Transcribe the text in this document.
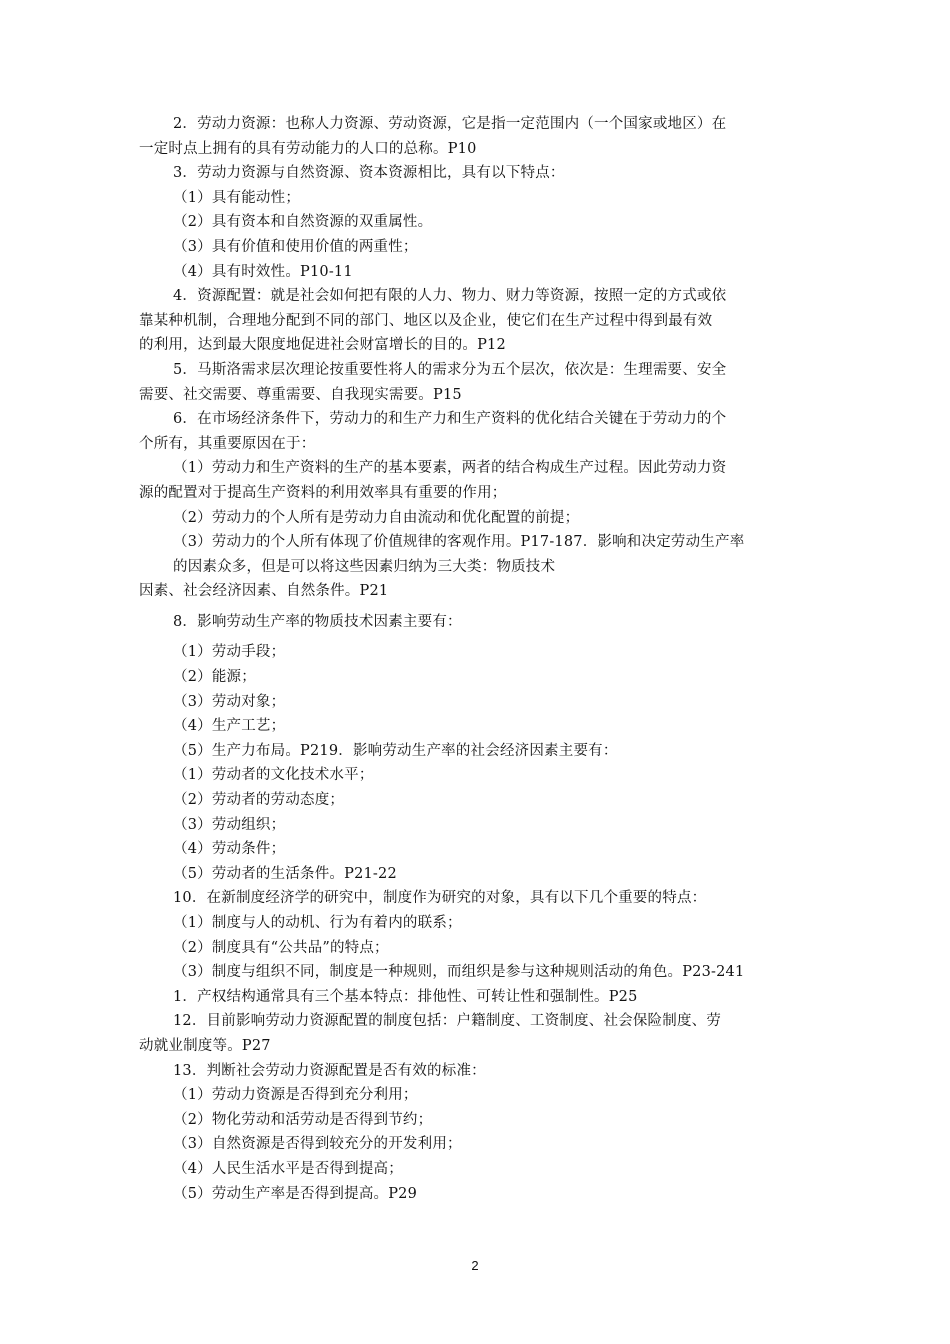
2．劳动力资源：也称人力资源、劳动资源，它是指一定范围内（一个国家或地区）在

一定时点上拥有的具有劳动能力的人口的总称。P10

3．劳动力资源与自然资源、资本资源相比，具有以下特点：

（1）具有能动性；

（2）具有资本和自然资源的双重属性。

（3）具有价值和使用价值的两重性；

（4）具有时效性。P10-11

4．资源配置：就是社会如何把有限的人力、物力、财力等资源，按照一定的方式或依

靠某种机制，合理地分配到不同的部门、地区以及企业，使它们在生产过程中得到最有效

的利用，达到最大限度地促进社会财富增长的目的。P12

5．马斯洛需求层次理论按重要性将人的需求分为五个层次，依次是：生理需要、安全

需要、社交需要、尊重需要、自我现实需要。P15

6．在市场经济条件下，劳动力的和生产力和生产资料的优化结合关键在于劳动力的个

个所有，其重要原因在于：

（1）劳动力和生产资料的生产的基本要素，两者的结合构成生产过程。因此劳动力资

源的配置对于提高生产资料的利用效率具有重要的作用；

（2）劳动力的个人所有是劳动力自由流动和优化配置的前提；

（3）劳动力的个人所有体现了价值规律的客观作用。P17-187．影响和决定劳动生产率

的因素众多，但是可以将这些因素归纳为三大类：物质技术

因素、社会经济因素、自然条件。P21

8．影响劳动生产率的物质技术因素主要有：

（1）劳动手段；

（2）能源；

（3）劳动对象；

（4）生产工艺；

（5）生产力布局。P219．影响劳动生产率的社会经济因素主要有：

（1）劳动者的文化技术水平；

（2）劳动者的劳动态度；

（3）劳动组织；

（4）劳动条件；

（5）劳动者的生活条件。P21-22

10．在新制度经济学的研究中，制度作为研究的对象，具有以下几个重要的特点：

（1）制度与人的动机、行为有着内的联系；

（2）制度具有“公共品”的特点；

（3）制度与组织不同，制度是一种规则，而组织是参与这种规则活动的角色。P23-241

1．产权结构通常具有三个基本特点：排他性、可转让性和强制性。P25

12．目前影响劳动力资源配置的制度包括：户籍制度、工资制度、社会保险制度、劳

动就业制度等。P27

13．判断社会劳动力资源配置是否有效的标准：

（1）劳动力资源是否得到充分利用；

（2）物化劳动和活劳动是否得到节约；

（3）自然资源是否得到较充分的开发利用；

（4）人民生活水平是否得到提高；

（5）劳动生产率是否得到提高。P29

2
